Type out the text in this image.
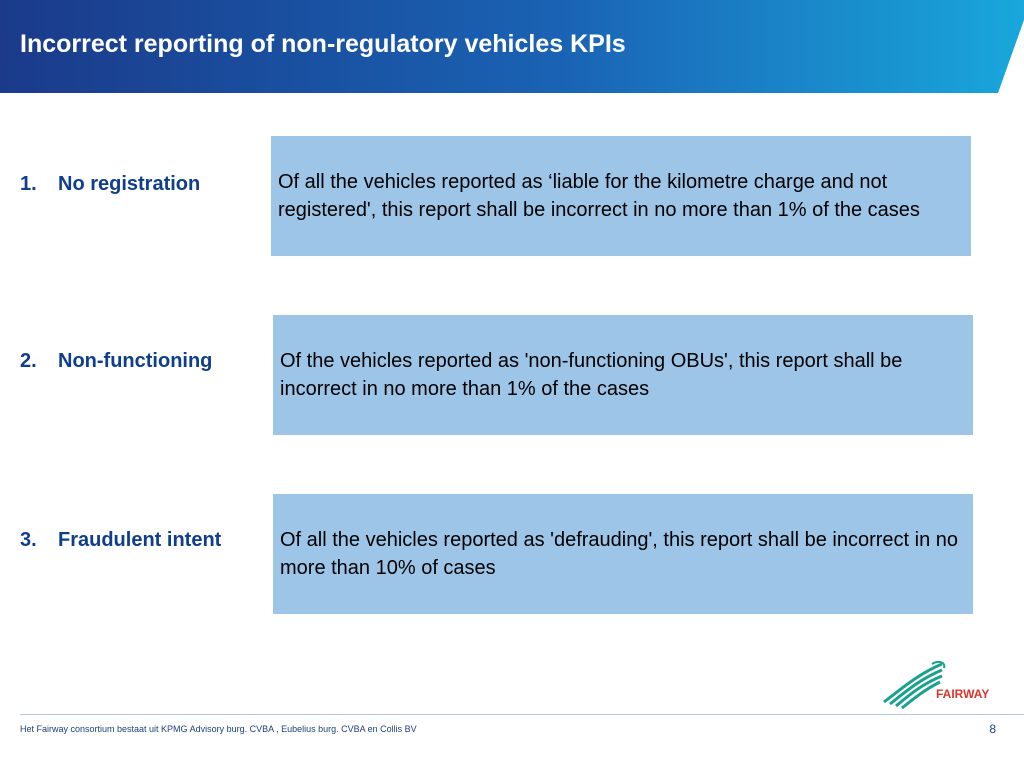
Incorrect reporting of non-regulatory vehicles KPIs
1. No registration	Of all the vehicles reported as ‘liable for the kilometre charge and not registered', this report shall be incorrect in no more than 1% of the cases
2. Non-functioning	Of the vehicles reported as 'non-functioning OBUs', this report shall be incorrect in no more than 1% of the cases
3. Fraudulent intent	Of all the vehicles reported as 'defrauding', this report shall be incorrect in no more than 10% of cases
FAIRWAY
Het Fairway consortium bestaat uit KPMG Advisory burg. CVBA , Eubelius burg. CVBA en Collis BV	8
